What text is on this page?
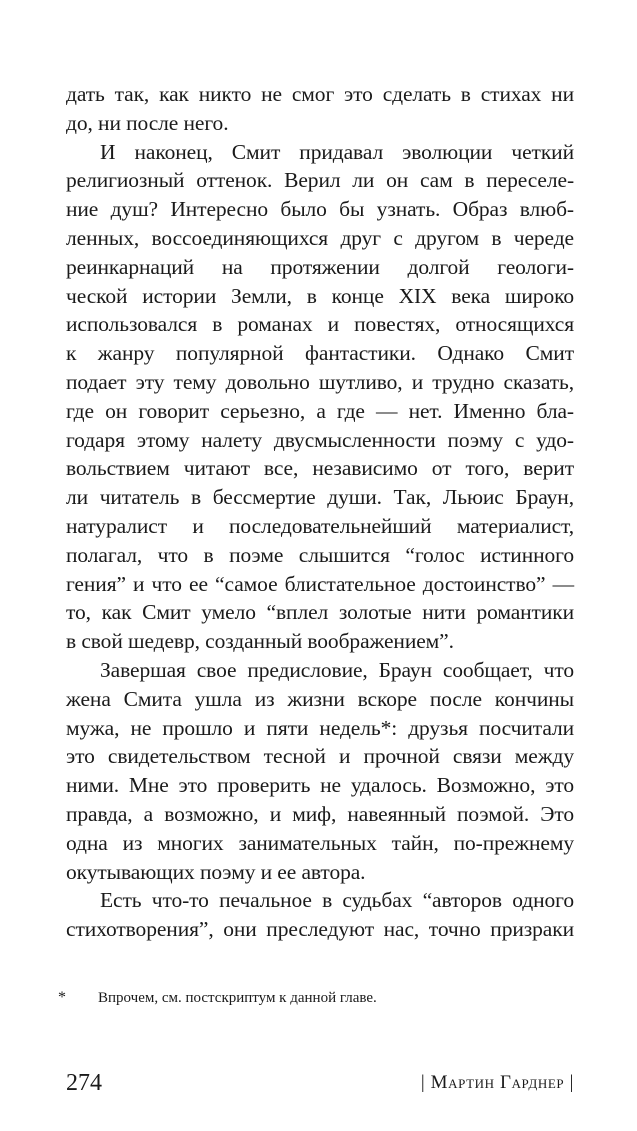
дать так, как никто не смог это сделать в стихах ни
до, ни после него.
И наконец, Смит придавал эволюции четкий
религиозный оттенок. Верил ли он сам в переселе-
ние душ? Интересно было бы узнать. Образ влюб-
ленных, воссоединяющихся друг с другом в череде
реинкарнаций на протяжении долгой геологи-
ческой истории Земли, в конце XIX века широко
использовался в романах и повестях, относящихся
к жанру популярной фантастики. Однако Смит
подает эту тему довольно шутливо, и трудно сказать,
где он говорит серьезно, а где — нет. Именно бла-
годаря этому налету двусмысленности поэму с удо-
вольствием читают все, независимо от того, верит
ли читатель в бессмертие души. Так, Льюис Браун,
натуралист и последовательнейший материалист,
полагал, что в поэме слышится “голос истинного
гения” и что ее “самое блистательное достоинство” —
то, как Смит умело “вплел золотые нити романтики
в свой шедевр, созданный воображением”.
Завершая свое предисловие, Браун сообщает, что
жена Смита ушла из жизни вскоре после кончины
мужа, не прошло и пяти недель*: друзья посчитали
это свидетельством тесной и прочной связи между
ними. Мне это проверить не удалось. Возможно, это
правда, а возможно, и миф, навеянный поэмой. Это
одна из многих занимательных тайн, по-прежнему
окутывающих поэму и ее автора.
Есть что-то печальное в судьбах “авторов одного
стихотворения”, они преследуют нас, точно призраки
* Впрочем, см. постскриптум к данной главе.
274	| Мартин Гарднер |
